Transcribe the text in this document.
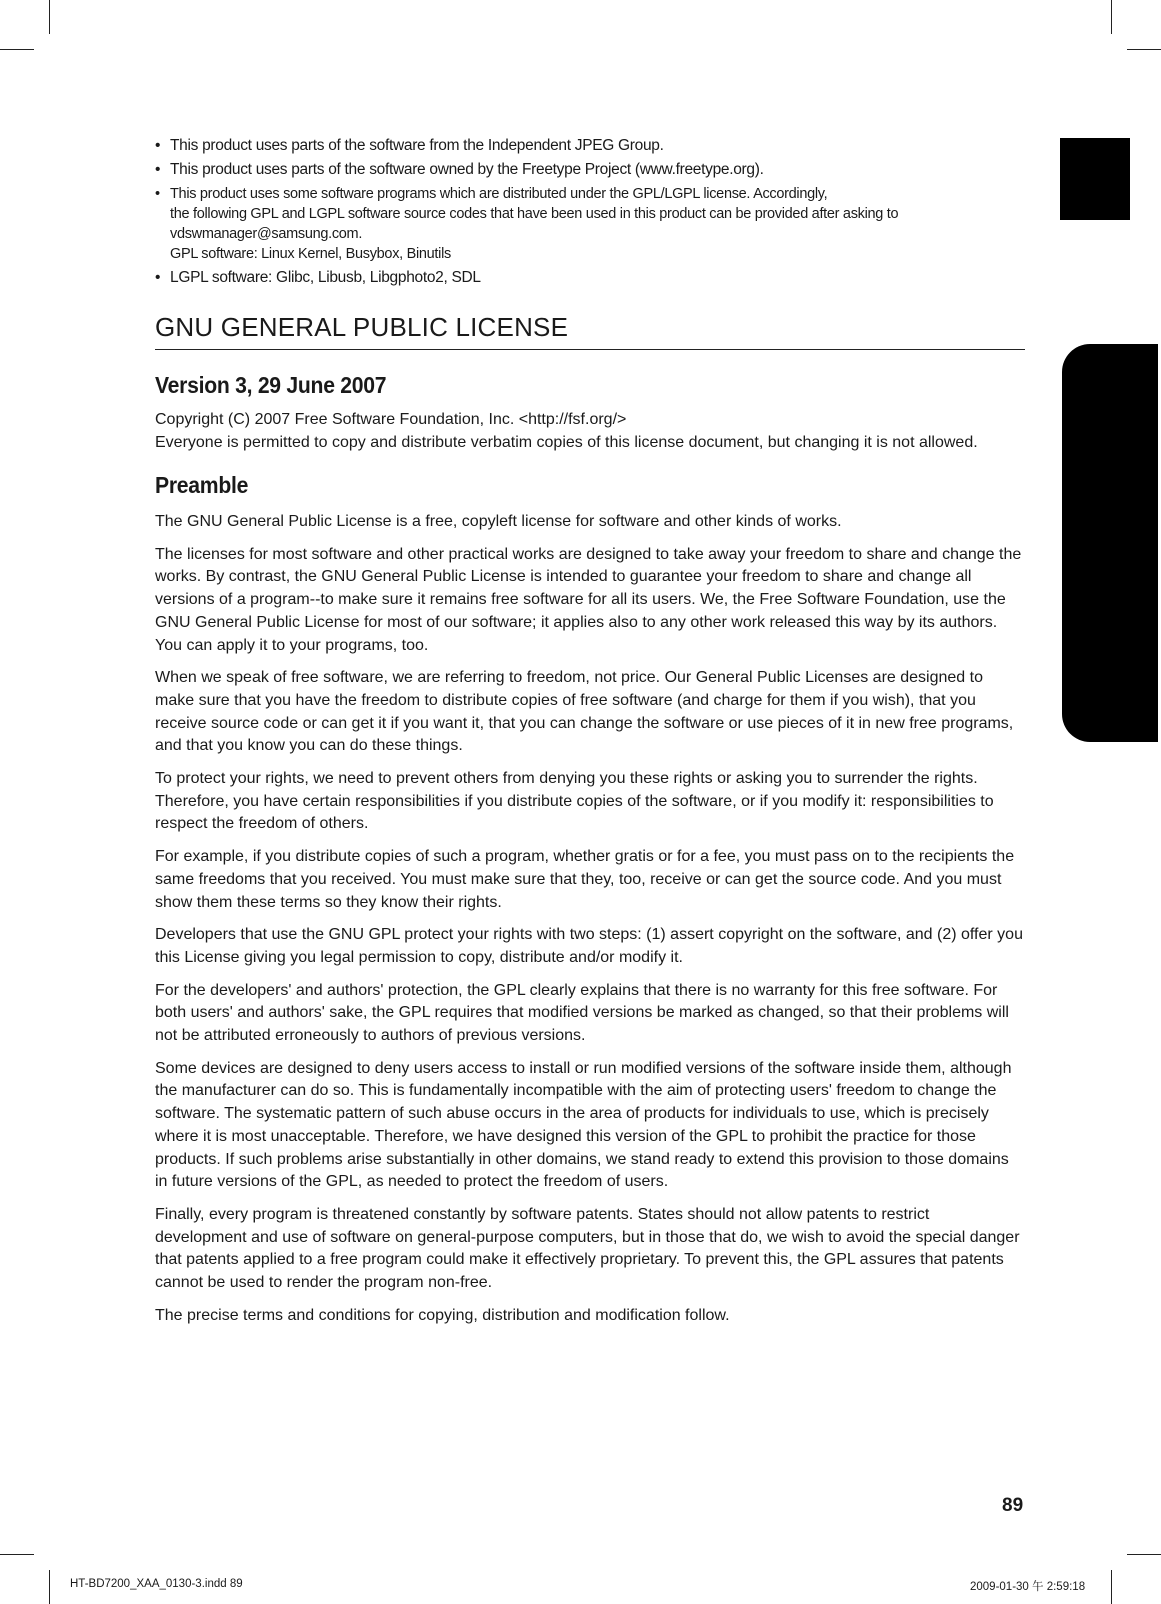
• This product uses parts of the software from the Independent JPEG Group.
• This product uses parts of the software owned by the Freetype Project (www.freetype.org).
• This product uses some software programs which are distributed under the GPL/LGPL license. Accordingly,
the following GPL and LGPL software source codes that have been used in this product can be provided after asking to
vdswmanager@samsung.com.
GPL software: Linux Kernel, Busybox, Binutils
• LGPL software: Glibc, Libusb, Libgphoto2, SDL
GNU GENERAL PUBLIC LICENSE
Version 3, 29 June 2007

Copyright (C) 2007 Free Software Foundation, Inc. <http://fsf.org/>

Everyone is permitted to copy and distribute verbatim copies of this license document, but changing it is not allowed.

Preamble

The GNU General Public License is a free, copyleft license for software and other kinds of works.

The licenses for most software and other practical works are designed to take away your freedom to share and change the works. By contrast, the GNU General Public License is intended to guarantee your freedom to share and change all versions of a program--to make sure it remains free software for all its users. We, the Free Software Foundation, use the GNU General Public License for most of our software; it applies also to any other work released this way by its authors. You can apply it to your programs, too.

When we speak of free software, we are referring to freedom, not price. Our General Public Licenses are designed to make sure that you have the freedom to distribute copies of free software (and charge for them if you wish), that you receive source code or can get it if you want it, that you can change the software or use pieces of it in new free programs, and that you know you can do these things.

To protect your rights, we need to prevent others from denying you these rights or asking you to surrender the rights. Therefore, you have certain responsibilities if you distribute copies of the software, or if you modify it: responsibilities to respect the freedom of others.

For example, if you distribute copies of such a program, whether gratis or for a fee, you must pass on to the recipients the same freedoms that you received. You must make sure that they, too, receive or can get the source code. And you must show them these terms so they know their rights.

Developers that use the GNU GPL protect your rights with two steps: (1) assert copyright on the software, and (2) offer you this License giving you legal permission to copy, distribute and/or modify it.

For the developers' and authors' protection, the GPL clearly explains that there is no warranty for this free software. For both users' and authors' sake, the GPL requires that modified versions be marked as changed, so that their problems will not be attributed erroneously to authors of previous versions.

Some devices are designed to deny users access to install or run modified versions of the software inside them, although the manufacturer can do so. This is fundamentally incompatible with the aim of protecting users' freedom to change the software. The systematic pattern of such abuse occurs in the area of products for individuals to use, which is precisely where it is most unacceptable. Therefore, we have designed this version of the GPL to prohibit the practice for those products. If such problems arise substantially in other domains, we stand ready to extend this provision to those domains in future versions of the GPL, as needed to protect the freedom of users.

Finally, every program is threatened constantly by software patents. States should not allow patents to restrict development and use of software on general-purpose computers, but in those that do, we wish to avoid the special danger that patents applied to a free program could make it effectively proprietary. To prevent this, the GPL assures that patents cannot be used to render the program non-free.

The precise terms and conditions for copying, distribution and modification follow.

89
HT-BD7200_XAA_0130-3.indd 89	2009-01-30 午 2:59:18
